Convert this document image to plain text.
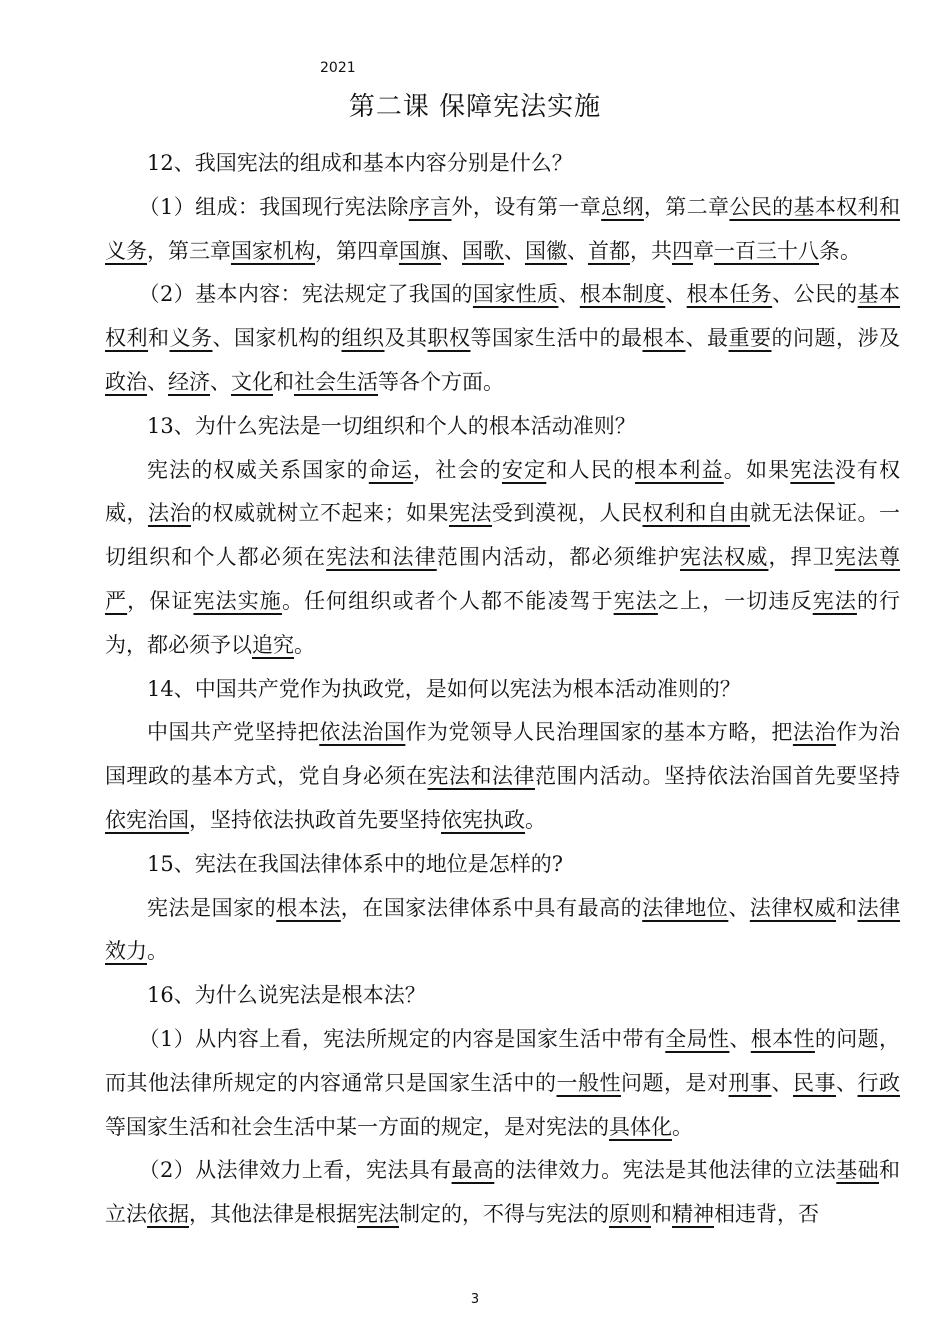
2021
第二课 保障宪法实施

12、我国宪法的组成和基本内容分别是什么？

（1）组成：我国现行宪法除序言外，设有第一章总纲，第二章公民的基本权利和义务，第三章国家机构，第四章国旗、国歌、国徽、首都，共四章一百三十八条。

（2）基本内容：宪法规定了我国的国家性质、根本制度、根本任务、公民的基本权利和义务、国家机构的组织及其职权等国家生活中的最根本、最重要的问题，涉及政治、经济、文化和社会生活等各个方面。

13、为什么宪法是一切组织和个人的根本活动准则？

宪法的权威关系国家的命运，社会的安定和人民的根本利益。如果宪法没有权威，法治的权威就树立不起来；如果宪法受到漠视，人民权利和自由就无法保证。一切组织和个人都必须在宪法和法律范围内活动，都必须维护宪法权威，捍卫宪法尊严，保证宪法实施。任何组织或者个人都不能凌驾于宪法之上，一切违反宪法的行为，都必须予以追究。

14、中国共产党作为执政党，是如何以宪法为根本活动准则的？

中国共产党坚持把依法治国作为党领导人民治理国家的基本方略，把法治作为治国理政的基本方式，党自身必须在宪法和法律范围内活动。坚持依法治国首先要坚持依宪治国，坚持依法执政首先要坚持依宪执政。

15、宪法在我国法律体系中的地位是怎样的?

宪法是国家的根本法，在国家法律体系中具有最高的法律地位、法律权威和法律效力。

16、为什么说宪法是根本法？

（1）从内容上看，宪法所规定的内容是国家生活中带有全局性、根本性的问题，而其他法律所规定的内容通常只是国家生活中的一般性问题，是对刑事、民事、行政等国家生活和社会生活中某一方面的规定，是对宪法的具体化。

（2）从法律效力上看，宪法具有最高的法律效力。宪法是其他法律的立法基础和立法依据，其他法律是根据宪法制定的，不得与宪法的原则和精神相违背，否

3
